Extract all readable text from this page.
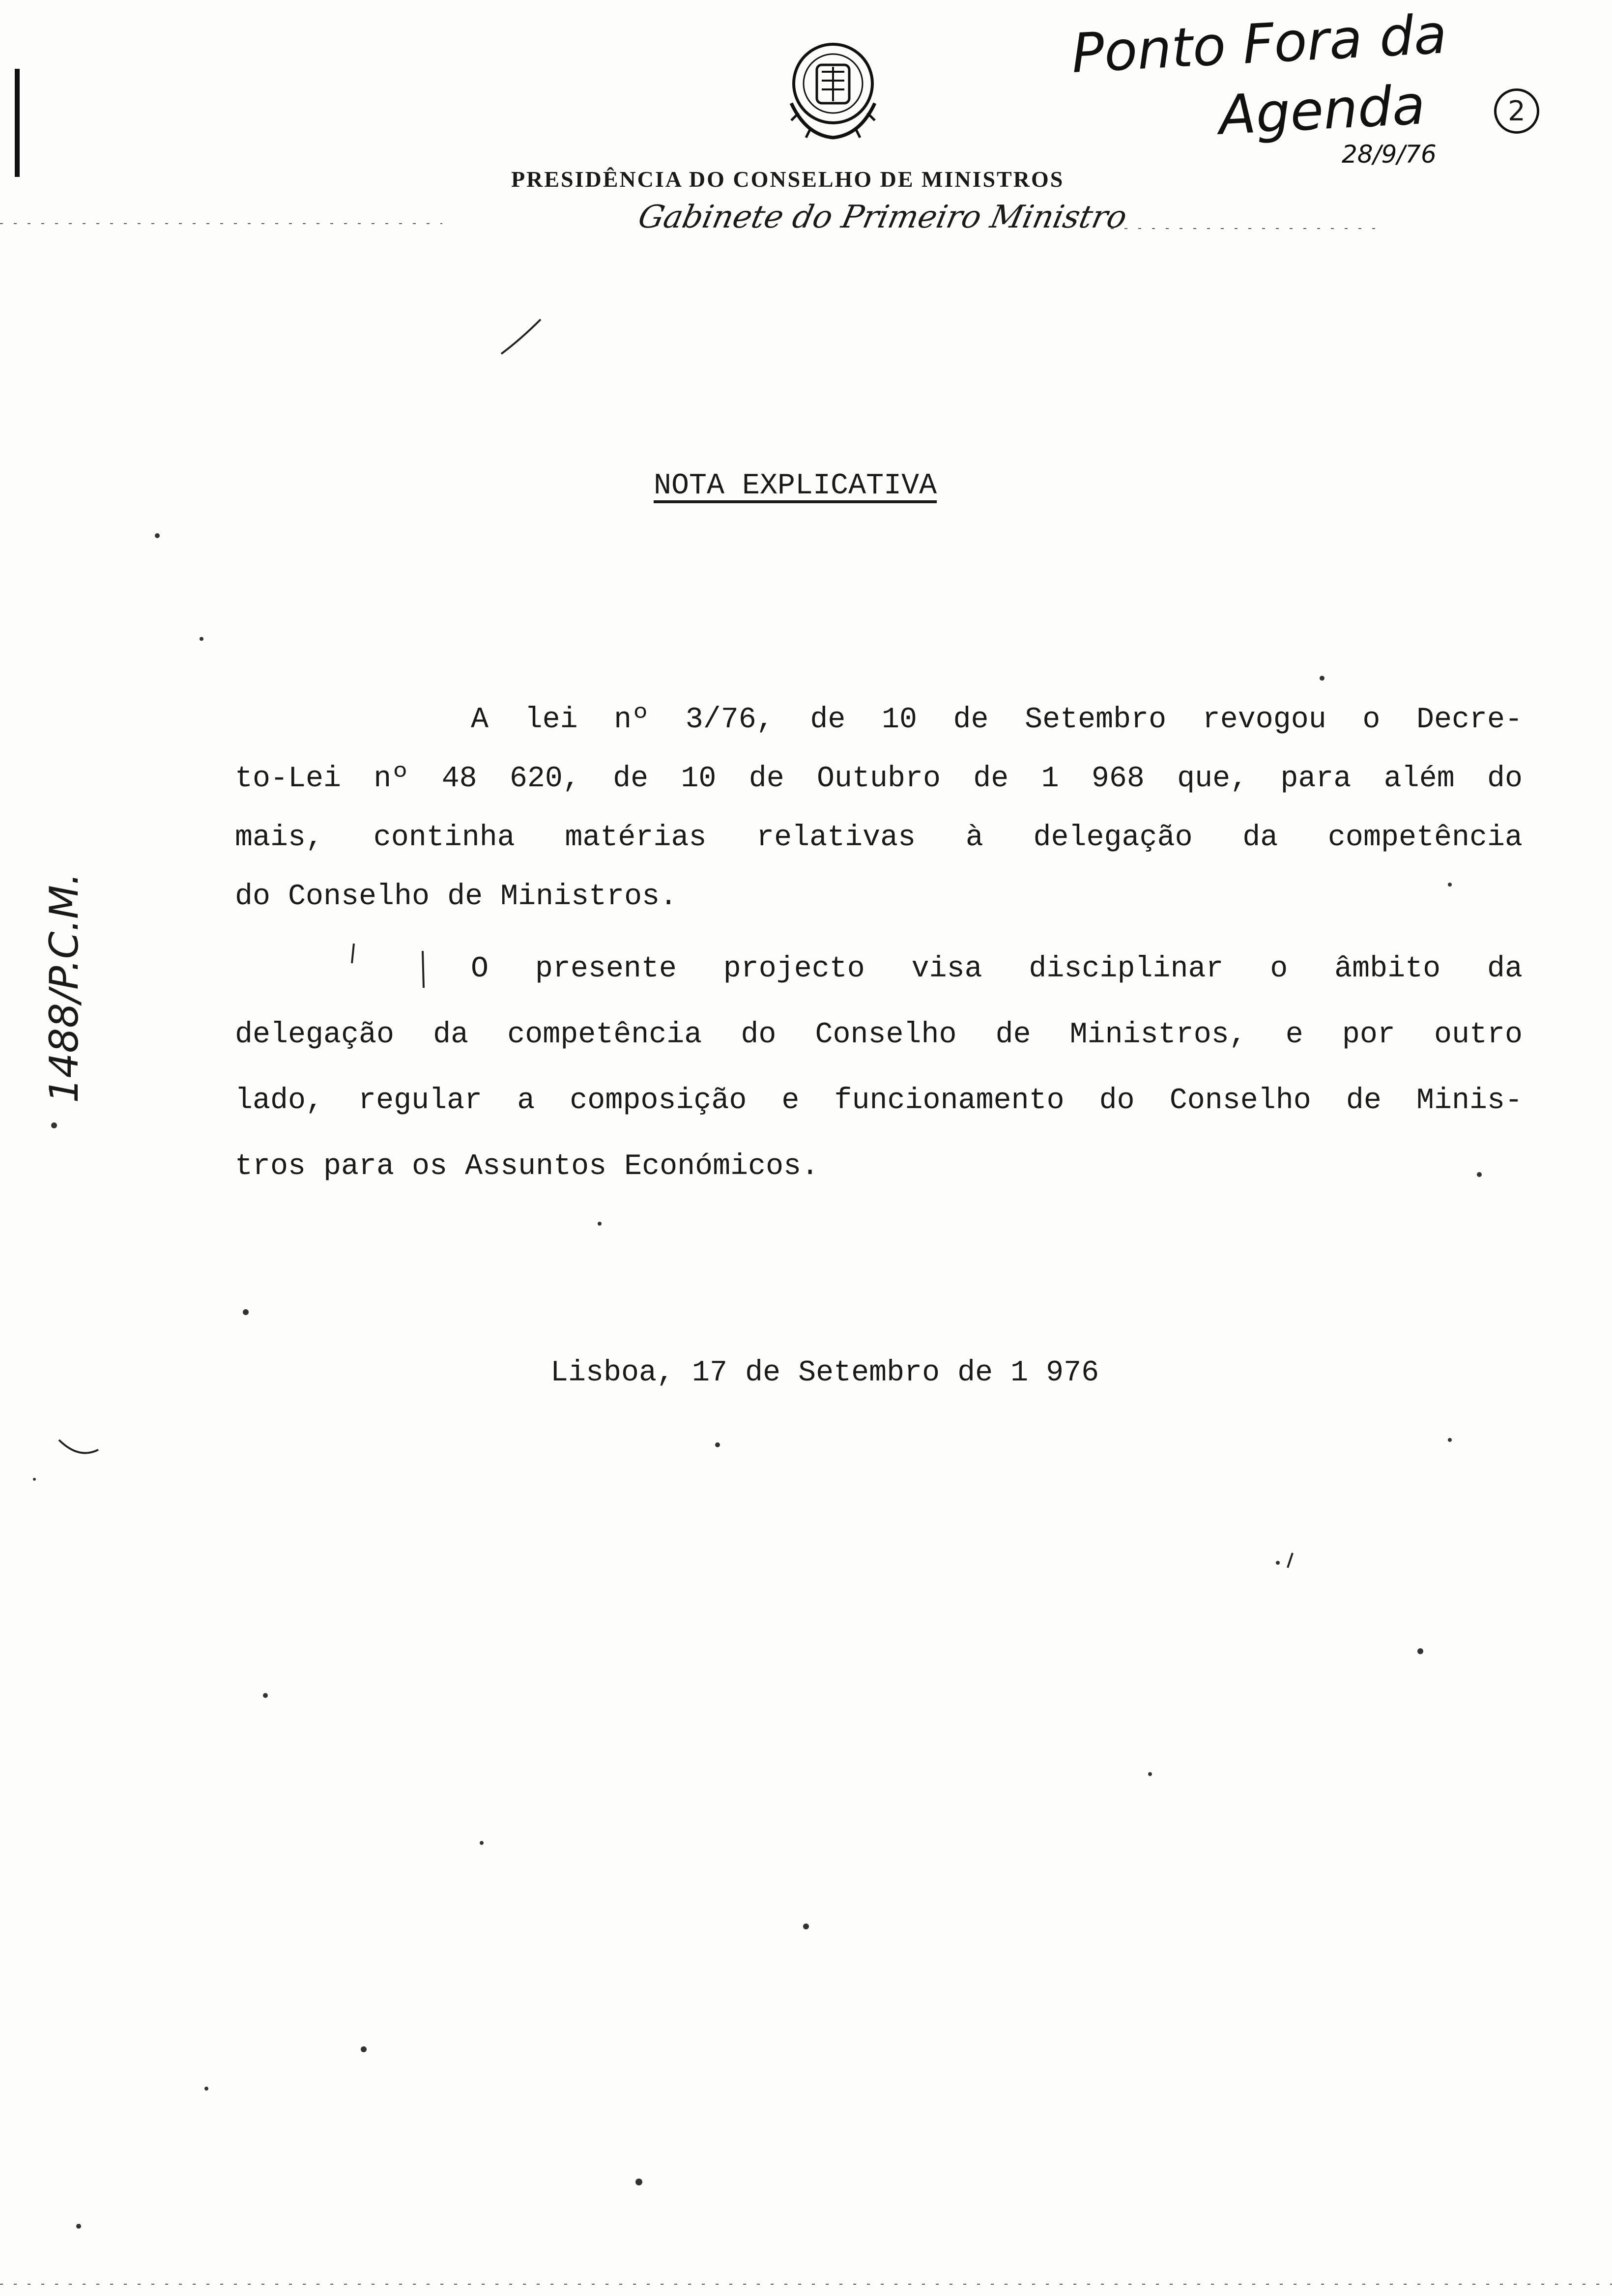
PRESIDÊNCIA DO CONSELHO DE MINISTROS
Gabinete do Primeiro Ministro
Ponto Fora da
Agenda
28/9/76
2
1488/P.C.M.
NOTA EXPLICATIVA
A lei nº 3/76, de 10 de Setembro revogou o Decre-
to-Lei nº 48 620, de 10 de Outubro de 1 968 que, para além do
mais, continha matérias relativas à delegação da competência
do Conselho de Ministros.
O presente projecto visa disciplinar o âmbito da
delegação da competência do Conselho de Ministros, e por outro
lado, regular a composição e funcionamento do Conselho de Minis-
tros para os Assuntos Económicos.
Lisboa, 17 de Setembro de 1 976
